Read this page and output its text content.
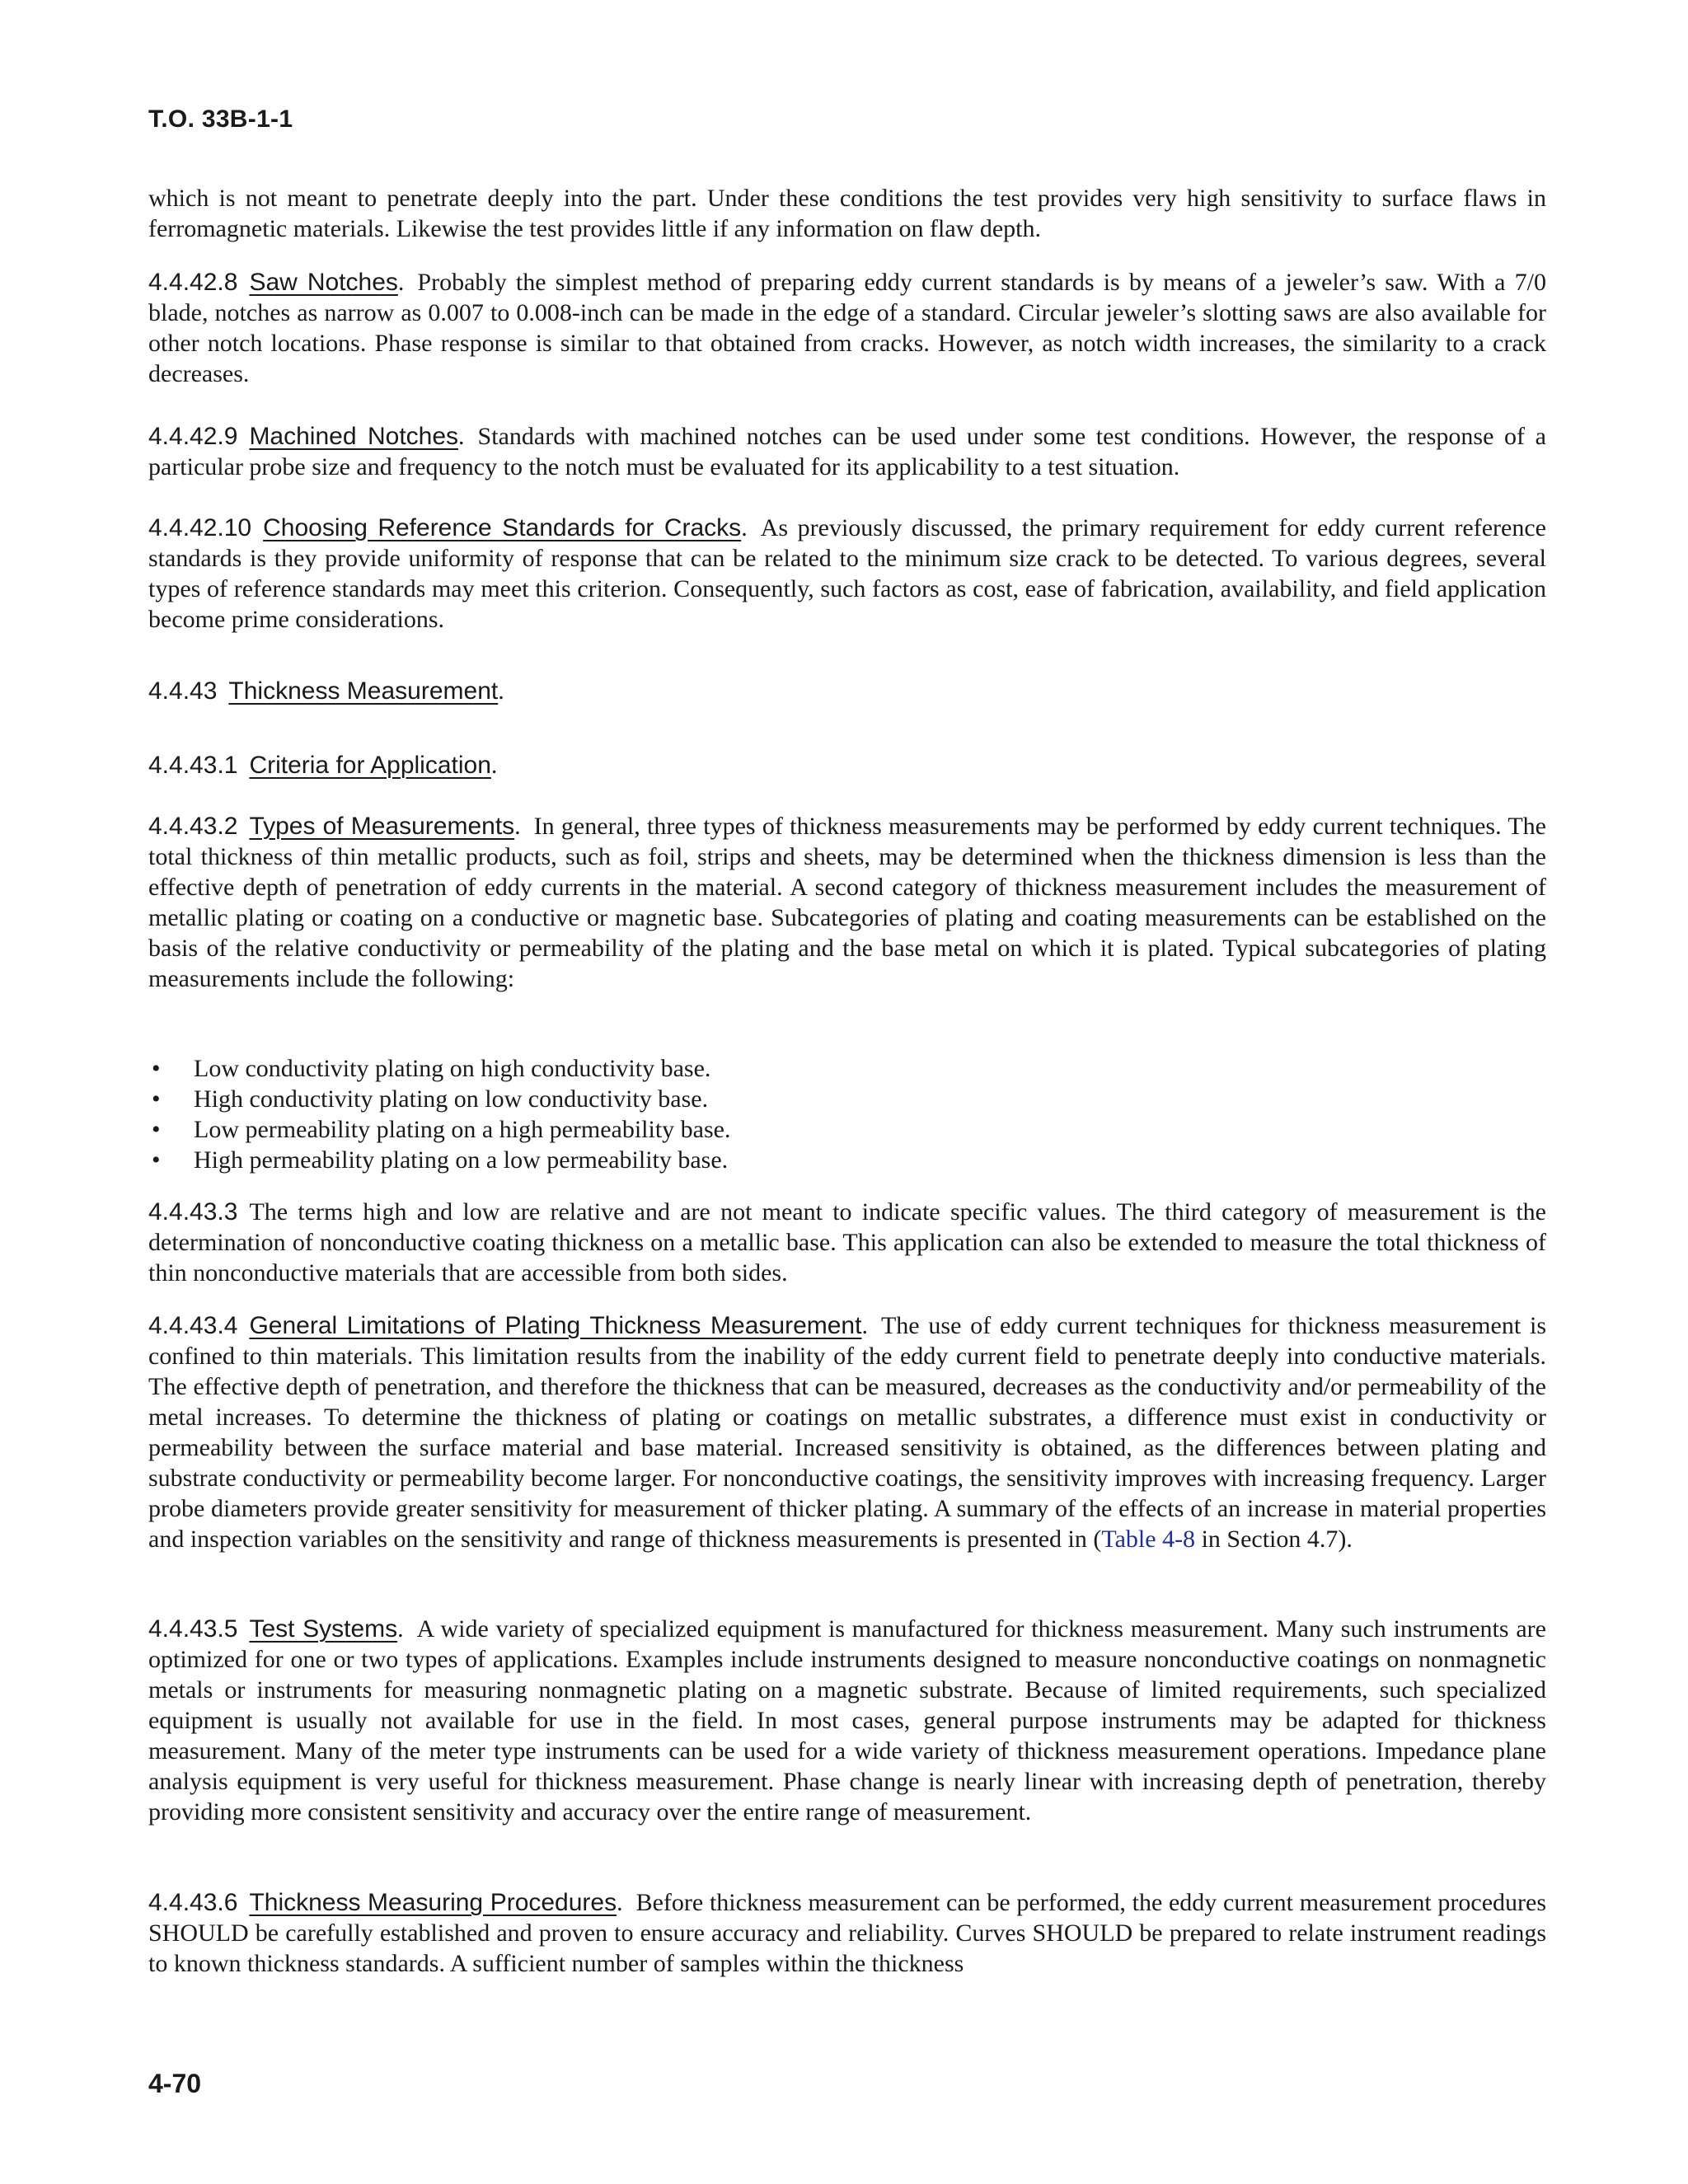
T.O. 33B-1-1

which is not meant to penetrate deeply into the part. Under these conditions the test provides very high sensitivity to surface flaws in ferromagnetic materials. Likewise the test provides little if any information on flaw depth.

4.4.42.8 Saw Notches. Probably the simplest method of preparing eddy current standards is by means of a jeweler’s saw. With a 7/0 blade, notches as narrow as 0.007 to 0.008-inch can be made in the edge of a standard. Circular jeweler’s slotting saws are also available for other notch locations. Phase response is similar to that obtained from cracks. However, as notch width increases, the similarity to a crack decreases.

4.4.42.9 Machined Notches. Standards with machined notches can be used under some test conditions. However, the response of a particular probe size and frequency to the notch must be evaluated for its applicability to a test situation.

4.4.42.10 Choosing Reference Standards for Cracks. As previously discussed, the primary requirement for eddy current reference standards is they provide uniformity of response that can be related to the minimum size crack to be detected. To various degrees, several types of reference standards may meet this criterion. Consequently, such factors as cost, ease of fabrication, availability, and field application become prime considerations.

4.4.43 Thickness Measurement.

4.4.43.1 Criteria for Application.

4.4.43.2 Types of Measurements. In general, three types of thickness measurements may be performed by eddy current techniques. The total thickness of thin metallic products, such as foil, strips and sheets, may be determined when the thickness dimension is less than the effective depth of penetration of eddy currents in the material. A second category of thickness measurement includes the measurement of metallic plating or coating on a conductive or magnetic base. Subcategories of plating and coating measurements can be established on the basis of the relative conductivity or permeability of the plating and the base metal on which it is plated. Typical subcategories of plating measurements include the following:

• Low conductivity plating on high conductivity base.
• High conductivity plating on low conductivity base.
• Low permeability plating on a high permeability base.
• High permeability plating on a low permeability base.

4.4.43.3 The terms high and low are relative and are not meant to indicate specific values. The third category of measurement is the determination of nonconductive coating thickness on a metallic base. This application can also be extended to measure the total thickness of thin nonconductive materials that are accessible from both sides.

4.4.43.4 General Limitations of Plating Thickness Measurement. The use of eddy current techniques for thickness measurement is confined to thin materials. This limitation results from the inability of the eddy current field to penetrate deeply into conductive materials. The effective depth of penetration, and therefore the thickness that can be measured, decreases as the conductivity and/or permeability of the metal increases. To determine the thickness of plating or coatings on metallic substrates, a difference must exist in conductivity or permeability between the surface material and base material. Increased sensitivity is obtained, as the differences between plating and substrate conductivity or permeability become larger. For nonconductive coatings, the sensitivity improves with increasing frequency. Larger probe diameters provide greater sensitivity for measurement of thicker plating. A summary of the effects of an increase in material properties and inspection variables on the sensitivity and range of thickness measurements is presented in (Table 4-8 in Section 4.7).

4.4.43.5 Test Systems. A wide variety of specialized equipment is manufactured for thickness measurement. Many such instruments are optimized for one or two types of applications. Examples include instruments designed to measure nonconductive coatings on nonmagnetic metals or instruments for measuring nonmagnetic plating on a magnetic substrate. Because of limited requirements, such specialized equipment is usually not available for use in the field. In most cases, general purpose instruments may be adapted for thickness measurement. Many of the meter type instruments can be used for a wide variety of thickness measurement operations. Impedance plane analysis equipment is very useful for thickness measurement. Phase change is nearly linear with increasing depth of penetration, thereby providing more consistent sensitivity and accuracy over the entire range of measurement.

4.4.43.6 Thickness Measuring Procedures. Before thickness measurement can be performed, the eddy current measurement procedures SHOULD be carefully established and proven to ensure accuracy and reliability. Curves SHOULD be prepared to relate instrument readings to known thickness standards. A sufficient number of samples within the thickness

4-70
